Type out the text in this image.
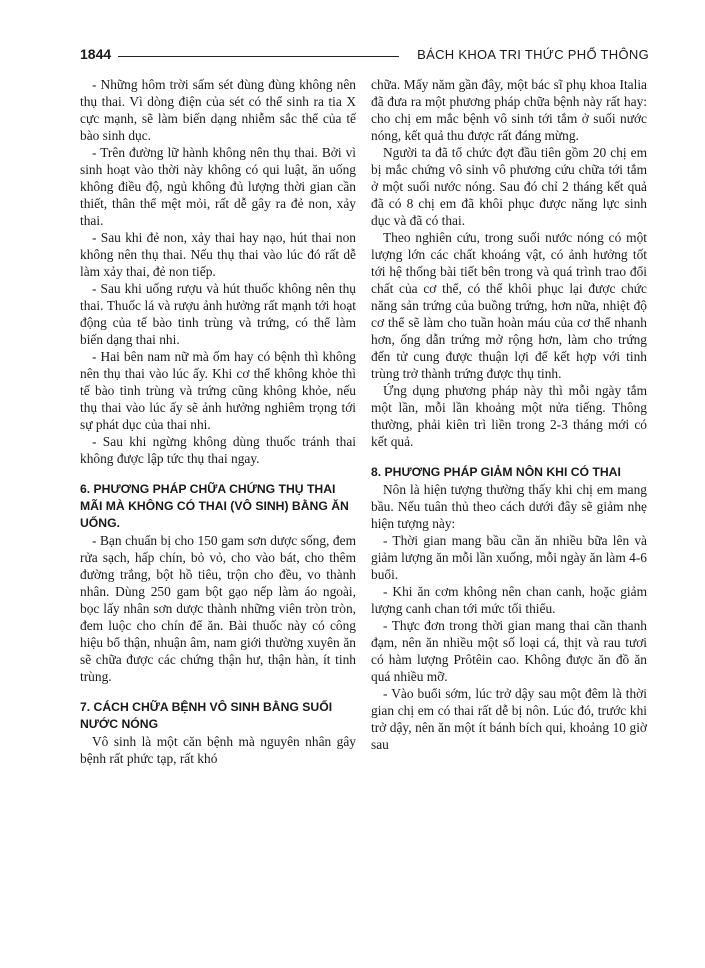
1844	BÁCH KHOA TRI THỨC PHỔ THÔNG

- Những hôm trời sấm sét đùng đùng không nên thụ thai. Vì dòng điện của sét có thể sinh ra tia X cực mạnh, sẽ làm biến dạng nhiễm sắc thể của tế bào sinh dục.

- Trên đường lữ hành không nên thụ thai. Bởi vì sinh hoạt vào thời này không có qui luật, ăn uống không điều độ, ngủ không đủ lượng thời gian cần thiết, thân thể mệt mỏi, rất dễ gây ra đẻ non, xảy thai.

- Sau khi đẻ non, xảy thai hay nạo, hút thai non không nên thụ thai. Nếu thụ thai vào lúc đó rất dễ làm xảy thai, đẻ non tiếp.

- Sau khi uống rượu và hút thuốc không nên thụ thai. Thuốc lá và rượu ảnh hưởng rất mạnh tới hoạt động của tế bào tinh trùng và trứng, có thể làm biến dạng thai nhi.

- Hai bên nam nữ mà ốm hay có bệnh thì không nên thụ thai vào lúc ấy. Khi cơ thể không khỏe thì tế bào tinh trùng và trứng cũng không khỏe, nếu thụ thai vào lúc ấy sẽ ảnh hưởng nghiêm trọng tới sự phát dục của thai nhi.

- Sau khi ngừng không dùng thuốc tránh thai không được lập tức thụ thai ngay.

6. PHƯƠNG PHÁP CHỮA CHỨNG THỤ THAI MÃI MÀ KHÔNG CÓ THAI (VÔ SINH) BẰNG ĂN UỐNG.

- Bạn chuẩn bị cho 150 gam sơn dược sống, đem rửa sạch, hấp chín, bỏ vỏ, cho vào bát, cho thêm đường trắng, bột hồ tiêu, trộn cho đều, vo thành nhân. Dùng 250 gam bột gạo nếp làm áo ngoài, bọc lấy nhân sơn dược thành những viên tròn tròn, đem luộc cho chín để ăn. Bài thuốc này có công hiệu bổ thận, nhuận âm, nam giới thường xuyên ăn sẽ chữa được các chứng thận hư, thận hàn, ít tinh trùng.

7. CÁCH CHỮA BỆNH VÔ SINH BẰNG SUỐI NƯỚC NÓNG

Vô sinh là một căn bệnh mà nguyên nhân gây bệnh rất phức tạp, rất khó

chữa. Mấy năm gần đây, một bác sĩ phụ khoa Italia đã đưa ra một phương pháp chữa bệnh này rất hay: cho chị em mắc bệnh vô sinh tới tắm ở suối nước nóng, kết quả thu được rất đáng mừng.

Người ta đã tổ chức đợt đầu tiên gồm 20 chị em bị mắc chứng vô sinh vô phương cứu chữa tới tắm ở một suối nước nóng. Sau đó chỉ 2 tháng kết quả đã có 8 chị em đã khôi phục được năng lực sinh dục và đã có thai.

Theo nghiên cứu, trong suối nước nóng có một lượng lớn các chất khoáng vật, có ảnh hưởng tốt tới hệ thống bài tiết bên trong và quá trình trao đổi chất của cơ thể, có thể khôi phục lại được chức năng sản trứng của buồng trứng, hơn nữa, nhiệt độ cơ thể sẽ làm cho tuần hoàn máu của cơ thể nhanh hơn, ống dẫn trứng mở rộng hơn, làm cho trứng đến tử cung được thuận lợi để kết hợp với tinh trùng trở thành trứng được thụ tinh.

Ứng dụng phương pháp này thì mỗi ngày tắm một lần, mỗi lần khoảng một nửa tiếng. Thông thường, phải kiên trì liền trong 2-3 tháng mới có kết quả.

8. PHƯƠNG PHÁP GIẢM NÔN KHI CÓ THAI

Nôn là hiện tượng thường thấy khi chị em mang bầu. Nếu tuân thủ theo cách dưới đây sẽ giảm nhẹ hiện tượng này:

- Thời gian mang bầu cần ăn nhiều bữa lên và giảm lượng ăn mỗi lần xuống, mỗi ngày ăn làm 4-6 buổi.

- Khi ăn cơm không nên chan canh, hoặc giảm lượng canh chan tới mức tối thiểu.

- Thực đơn trong thời gian mang thai cần thanh đạm, nên ăn nhiều một số loại cá, thịt và rau tươi có hàm lượng Prôtêin cao. Không được ăn đồ ăn quá nhiều mỡ.

- Vào buổi sớm, lúc trở dậy sau một đêm là thời gian chị em có thai rất dễ bị nôn. Lúc đó, trước khi trở dậy, nên ăn một ít bánh bích qui, khoảng 10 giờ sau
